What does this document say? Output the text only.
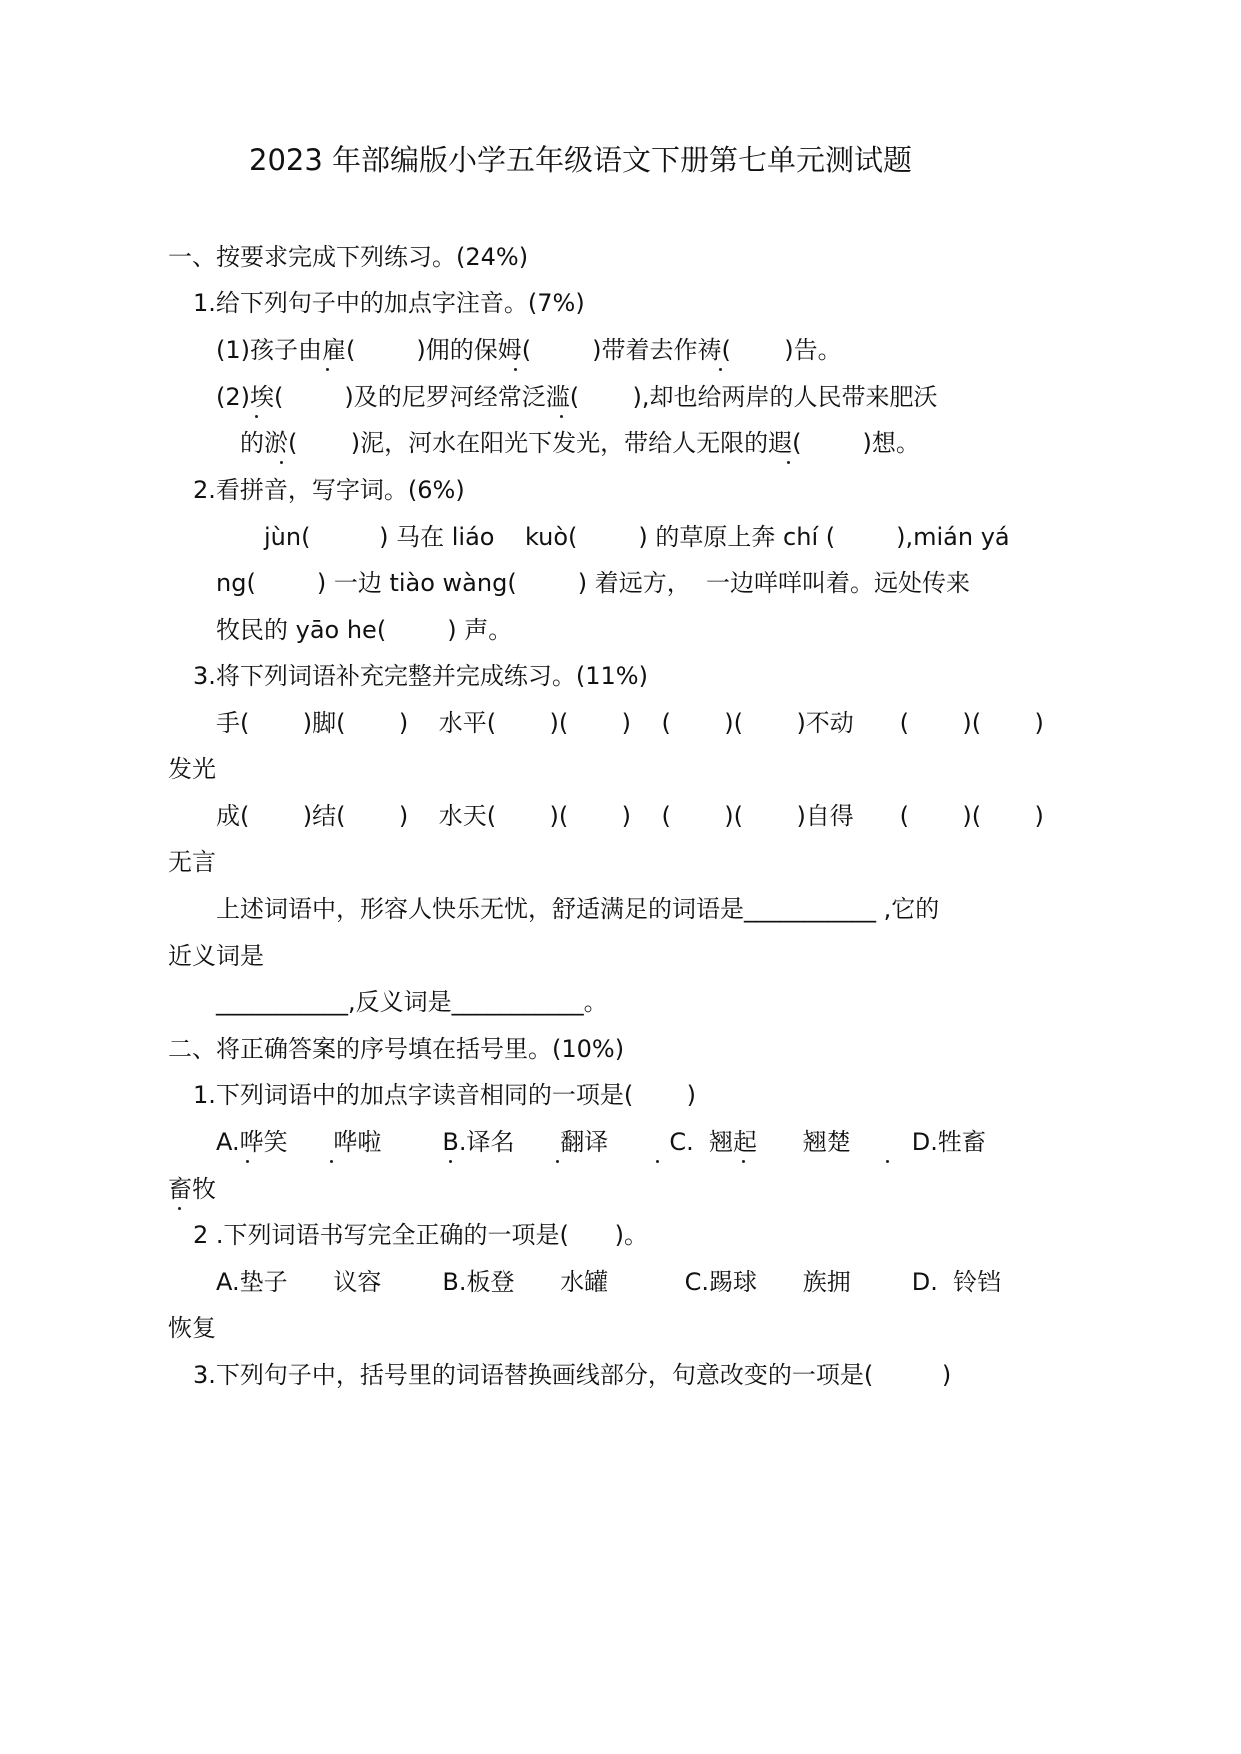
2023 年部编版小学五年级语文下册第七单元测试题
一、按要求完成下列练习。(24%)
1.给下列句子中的加点字注音。(7%)
(1)孩子由雇(        )佣的保姆(        )带着去作祷(       )告。
(2)埃(        )及的尼罗河经常泛滥(       ),却也给两岸的人民带来肥沃
的淤(       )泥，河水在阳光下发光，带给人无限的遐(        )想。
2.看拼音，写字词。(6%)
jùn(         ) 马在 liáo    kuò(        ) 的草原上奔 chí (        ),mián yá
ng(        ) 一边 tiào wàng(        ) 着远方，  一边咩咩叫着。远处传来
牧民的 yāo he(        ) 声。
3.将下列词语补充完整并完成练习。(11%)
手(       )脚(       )    水平(       )(       )    (       )(       )不动      (       )(       )
发光
成(       )结(       )    水天(       )(       )    (       )(       )自得      (       )(       )
无言
上述词语中，形容人快乐无忧，舒适满足的词语是___________ ,它的
近义词是
___________,反义词是___________。
二、将正确答案的序号填在括号里。(10%)
1.下列词语中的加点字读音相同的一项是(       )
A.哗笑      哗啦        B.译名      翻译        C.  翘起      翘楚        D.牲畜
畜牧
2 .下列词语书写完全正确的一项是(      )。
A.垫子      议容        B.板登      水罐          C.踢球      族拥        D.  铃铛
恢复
3.下列句子中，括号里的词语替换画线部分，句意改变的一项是(         )
